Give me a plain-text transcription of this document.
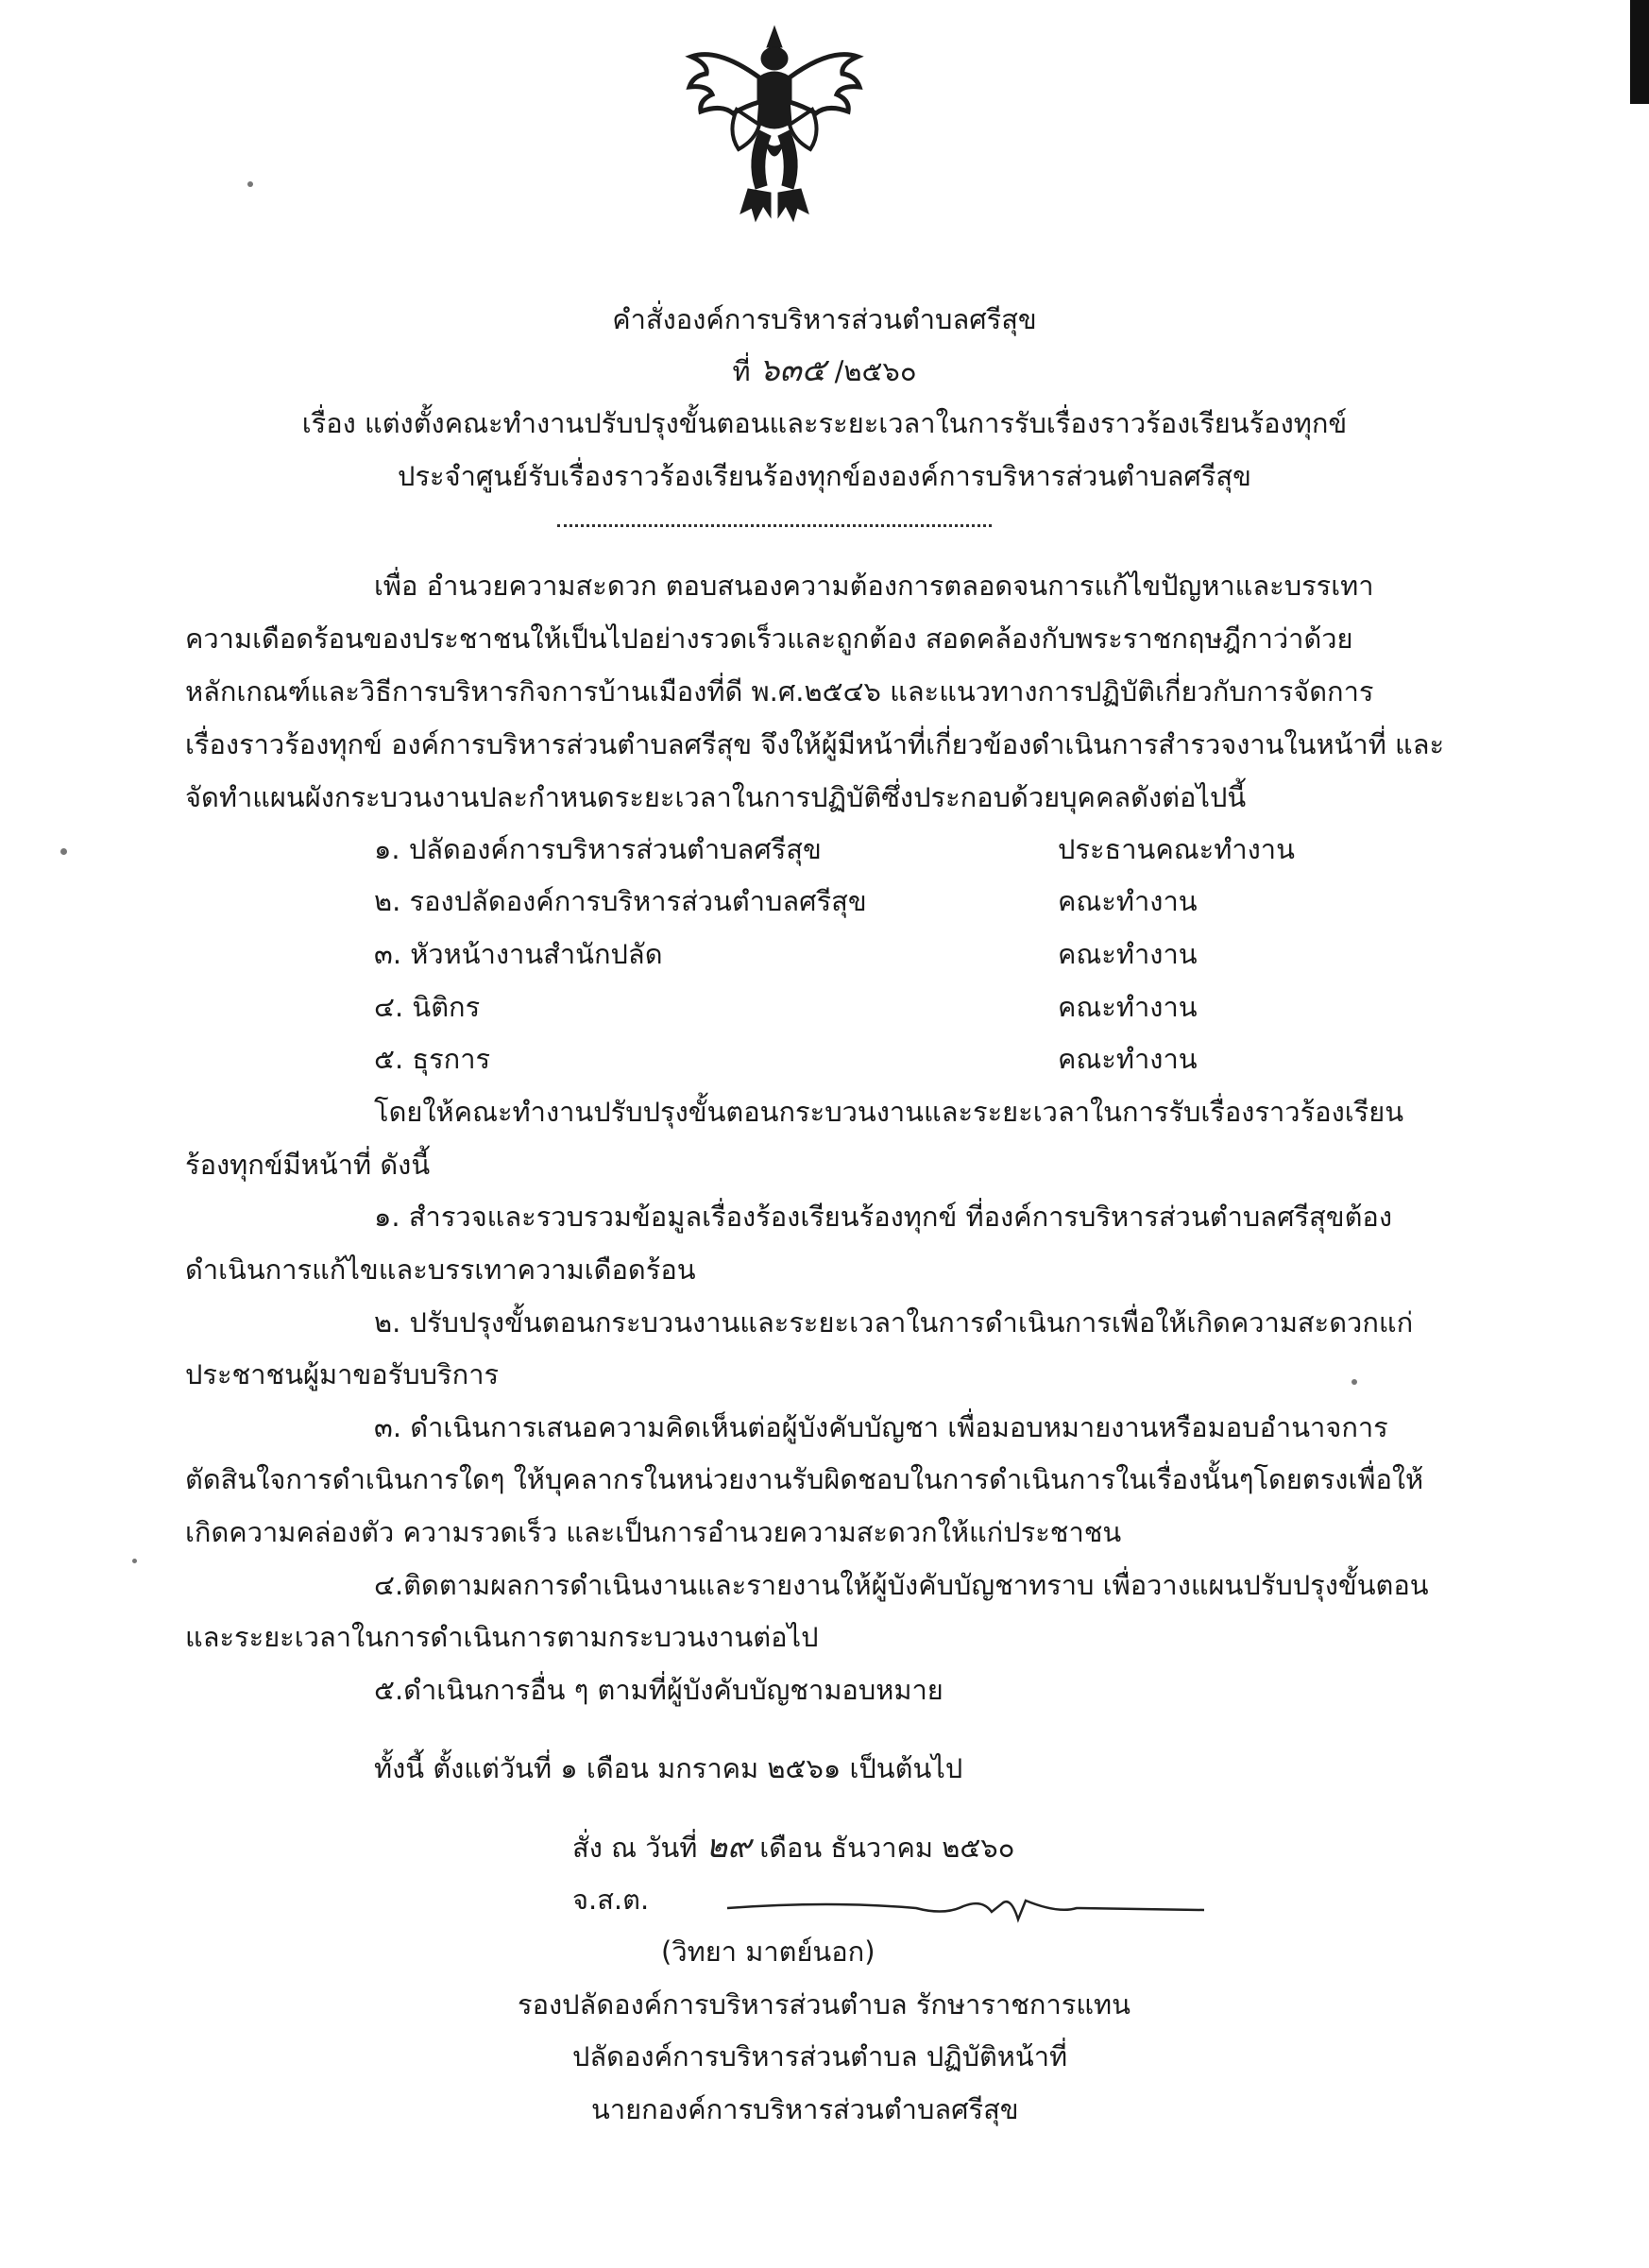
คำสั่งองค์การบริหารส่วนตำบลศรีสุข
ที่ ๖๓๕ /๒๕๖๐
เรื่อง แต่งตั้งคณะทำงานปรับปรุงขั้นตอนและระยะเวลาในการรับเรื่องราวร้องเรียนร้องทุกข์
ประจำศูนย์รับเรื่องราวร้องเรียนร้องทุกข์ององค์การบริหารส่วนตำบลศรีสุข
เพื่อ อำนวยความสะดวก ตอบสนองความต้องการตลอดจนการแก้ไขปัญหาและบรรเทา
ความเดือดร้อนของประชาชนให้เป็นไปอย่างรวดเร็วและถูกต้อง สอดคล้องกับพระราชกฤษฎีกาว่าด้วย
หลักเกณฑ์และวิธีการบริหารกิจการบ้านเมืองที่ดี พ.ศ.๒๕๔๖ และแนวทางการปฏิบัติเกี่ยวกับการจัดการ
เรื่องราวร้องทุกข์ องค์การบริหารส่วนตำบลศรีสุข จึงให้ผู้มีหน้าที่เกี่ยวข้องดำเนินการสำรวจงานในหน้าที่ และ
จัดทำแผนผังกระบวนงานปละกำหนดระยะเวลาในการปฏิบัติซึ่งประกอบด้วยบุคคลดังต่อไปนี้
๑. ปลัดองค์การบริหารส่วนตำบลศรีสุข	ประธานคณะทำงาน
๒. รองปลัดองค์การบริหารส่วนตำบลศรีสุข	คณะทำงาน
๓. หัวหน้างานสำนักปลัด	คณะทำงาน
๔. นิติกร	คณะทำงาน
๕. ธุรการ	คณะทำงาน
โดยให้คณะทำงานปรับปรุงขั้นตอนกระบวนงานและระยะเวลาในการรับเรื่องราวร้องเรียน
ร้องทุกข์มีหน้าที่ ดังนี้
๑. สำรวจและรวบรวมข้อมูลเรื่องร้องเรียนร้องทุกข์ ที่องค์การบริหารส่วนตำบลศรีสุขต้อง
ดำเนินการแก้ไขและบรรเทาความเดือดร้อน
๒. ปรับปรุงขั้นตอนกระบวนงานและระยะเวลาในการดำเนินการเพื่อให้เกิดความสะดวกแก่
ประชาชนผู้มาขอรับบริการ
๓. ดำเนินการเสนอความคิดเห็นต่อผู้บังคับบัญชา เพื่อมอบหมายงานหรือมอบอำนาจการ
ตัดสินใจการดำเนินการใดๆ ให้บุคลากรในหน่วยงานรับผิดชอบในการดำเนินการในเรื่องนั้นๆโดยตรงเพื่อให้
เกิดความคล่องตัว ความรวดเร็ว และเป็นการอำนวยความสะดวกให้แก่ประชาชน
๔.ติดตามผลการดำเนินงานและรายงานให้ผู้บังคับบัญชาทราบ เพื่อวางแผนปรับปรุงขั้นตอน
และระยะเวลาในการดำเนินการตามกระบวนงานต่อไป
๕.ดำเนินการอื่น ๆ ตามที่ผู้บังคับบัญชามอบหมาย
ทั้งนี้ ตั้งแต่วันที่ ๑ เดือน มกราคม ๒๕๖๑ เป็นต้นไป
สั่ง ณ วันที่ ๒๙ เดือน ธันวาคม ๒๕๖๐
จ.ส.ต.
(วิทยา มาตย์นอก)
รองปลัดองค์การบริหารส่วนตำบล รักษาราชการแทน
ปลัดองค์การบริหารส่วนตำบล ปฏิบัติหน้าที่
นายกองค์การบริหารส่วนตำบลศรีสุข
